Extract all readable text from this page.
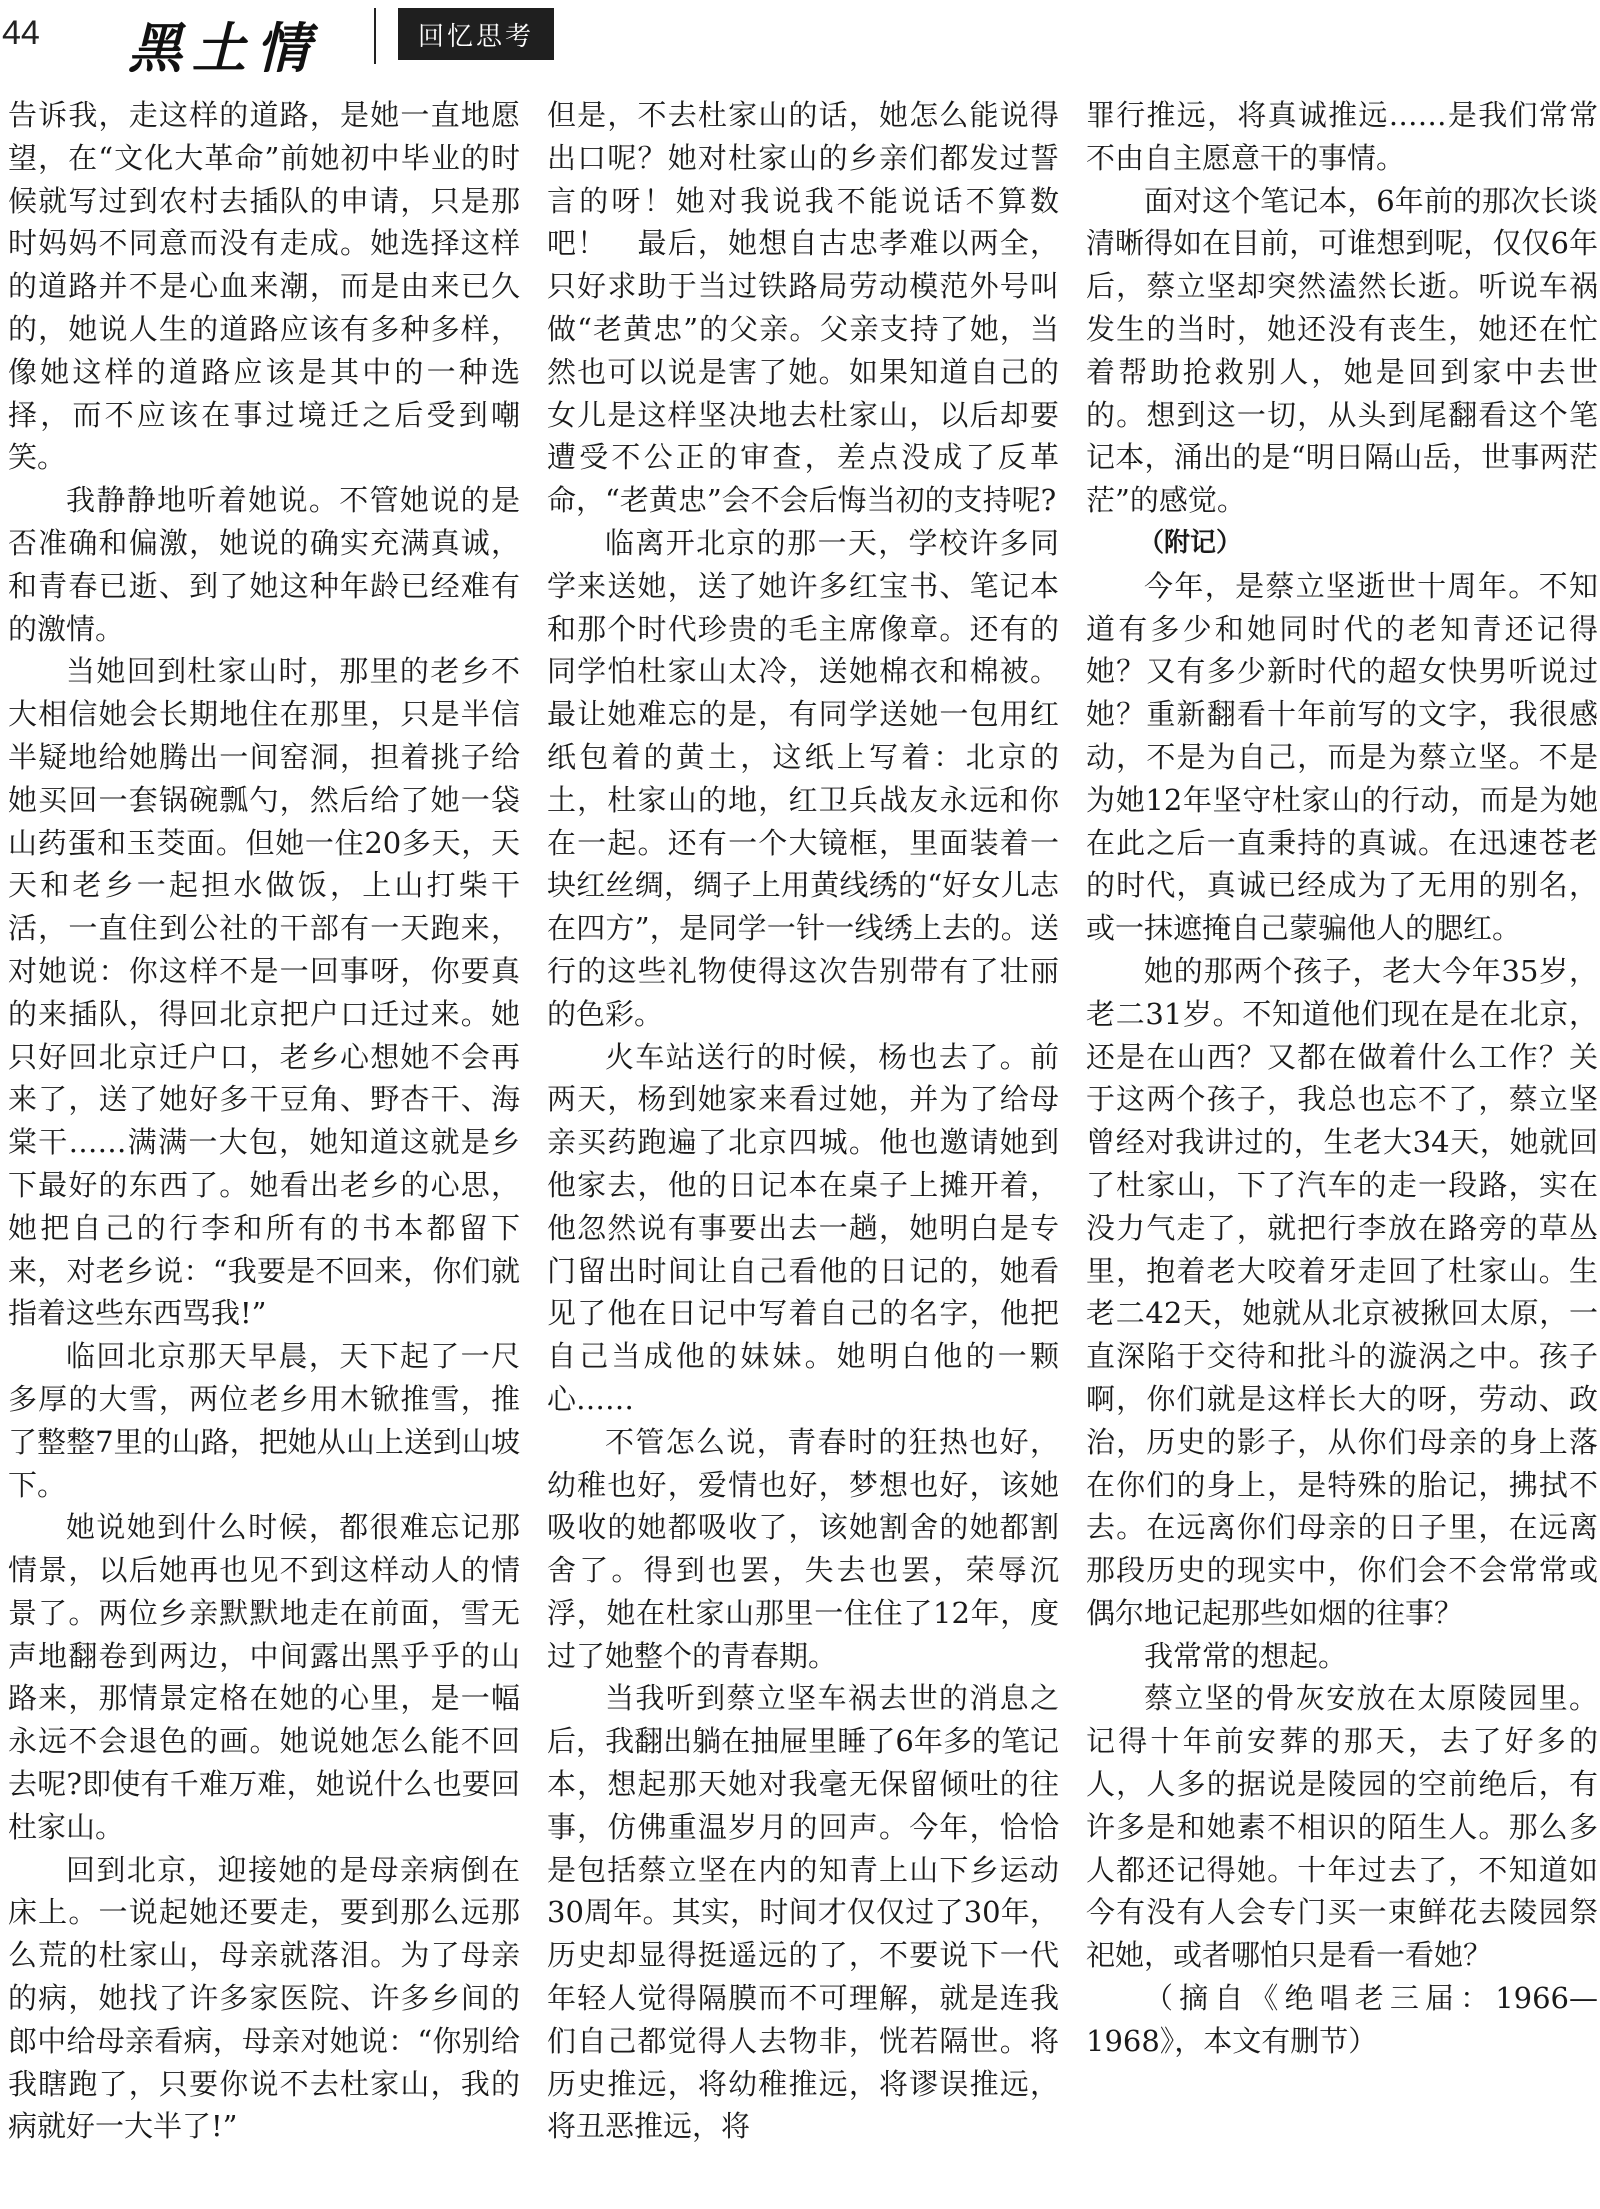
44 黑土情	回忆思考

告诉我，走这样的道路，是她一直地愿望，在“文化大革命”前她初中毕业的时候就写过到农村去插队的申请，只是那时妈妈不同意而没有走成。她选择这样的道路并不是心血来潮，而是由来已久的，她说人生的道路应该有多种多样，像她这样的道路应该是其中的一种选择，而不应该在事过境迁之后受到嘲笑。

我静静地听着她说。不管她说的是否准确和偏激，她说的确实充满真诚，和青春已逝、到了她这种年龄已经难有的激情。

当她回到杜家山时，那里的老乡不大相信她会长期地住在那里，只是半信半疑地给她腾出一间窑洞，担着挑子给她买回一套锅碗瓢勺，然后给了她一袋山药蛋和玉茭面。但她一住20多天，天天和老乡一起担水做饭，上山打柴干活，一直住到公社的干部有一天跑来，对她说：你这样不是一回事呀，你要真的来插队，得回北京把户口迁过来。她只好回北京迁户口，老乡心想她不会再来了，送了她好多干豆角、野杏干、海棠干……满满一大包，她知道这就是乡下最好的东西了。她看出老乡的心思，她把自己的行李和所有的书本都留下来，对老乡说：“我要是不回来，你们就指着这些东西骂我!”

临回北京那天早晨，天下起了一尺多厚的大雪，两位老乡用木锨推雪，推了整整7里的山路，把她从山上送到山坡下。

她说她到什么时候，都很难忘记那情景，以后她再也见不到这样动人的情景了。两位乡亲默默地走在前面，雪无声地翻卷到两边，中间露出黑乎乎的山路来，那情景定格在她的心里，是一幅永远不会退色的画。她说她怎么能不回去呢?即使有千难万难，她说什么也要回杜家山。

回到北京，迎接她的是母亲病倒在床上。一说起她还要走，要到那么远那么荒的杜家山，母亲就落泪。为了母亲的病，她找了许多家医院、许多乡间的郎中给母亲看病，母亲对她说：“你别给我瞎跑了，只要你说不去杜家山，我的病就好一大半了!”

但是，不去杜家山的话，她怎么能说得出口呢？她对杜家山的乡亲们都发过誓言的呀！她对我说我不能说话不算数吧！　最后，她想自古忠孝难以两全，只好求助于当过铁路局劳动模范外号叫做“老黄忠”的父亲。父亲支持了她，当然也可以说是害了她。如果知道自己的女儿是这样坚决地去杜家山，以后却要遭受不公正的审查，差点没成了反革命，“老黄忠”会不会后悔当初的支持呢?

临离开北京的那一天，学校许多同学来送她，送了她许多红宝书、笔记本和那个时代珍贵的毛主席像章。还有的同学怕杜家山太冷，送她棉衣和棉被。最让她难忘的是，有同学送她一包用红纸包着的黄土，这纸上写着：北京的土，杜家山的地，红卫兵战友永远和你在一起。还有一个大镜框，里面装着一块红丝绸，绸子上用黄线绣的“好女儿志在四方”，是同学一针一线绣上去的。送行的这些礼物使得这次告别带有了壮丽的色彩。

火车站送行的时候，杨也去了。前两天，杨到她家来看过她，并为了给母亲买药跑遍了北京四城。他也邀请她到他家去，他的日记本在桌子上摊开着，他忽然说有事要出去一趟，她明白是专门留出时间让自己看他的日记的，她看见了他在日记中写着自己的名字，他把自己当成他的妹妹。她明白他的一颗心……

不管怎么说，青春时的狂热也好，幼稚也好，爱情也好，梦想也好，该她吸收的她都吸收了，该她割舍的她都割舍了。得到也罢，失去也罢，荣辱沉浮，她在杜家山那里一住住了12年，度过了她整个的青春期。

当我听到蔡立坚车祸去世的消息之后，我翻出躺在抽屉里睡了6年多的笔记本，想起那天她对我毫无保留倾吐的往事，仿佛重温岁月的回声。今年，恰恰是包括蔡立坚在内的知青上山下乡运动30周年。其实，时间才仅仅过了30年，历史却显得挺遥远的了，不要说下一代年轻人觉得隔膜而不可理解，就是连我们自己都觉得人去物非，恍若隔世。将历史推远，将幼稚推远，将谬误推远，将丑恶推远，将

罪行推远，将真诚推远……是我们常常不由自主愿意干的事情。

面对这个笔记本，6年前的那次长谈清晰得如在目前，可谁想到呢，仅仅6年后，蔡立坚却突然溘然长逝。听说车祸发生的当时，她还没有丧生，她还在忙着帮助抢救别人，她是回到家中去世的。想到这一切，从头到尾翻看这个笔记本，涌出的是“明日隔山岳，世事两茫茫”的感觉。

（附记）

今年，是蔡立坚逝世十周年。不知道有多少和她同时代的老知青还记得她？又有多少新时代的超女快男听说过她？重新翻看十年前写的文字，我很感动，不是为自己，而是为蔡立坚。不是为她12年坚守杜家山的行动，而是为她在此之后一直秉持的真诚。在迅速苍老的时代，真诚已经成为了无用的别名，或一抹遮掩自己蒙骗他人的腮红。

她的那两个孩子，老大今年35岁，老二31岁。不知道他们现在是在北京，还是在山西？又都在做着什么工作？关于这两个孩子，我总也忘不了，蔡立坚曾经对我讲过的，生老大34天，她就回了杜家山，下了汽车的走一段路，实在没力气走了，就把行李放在路旁的草丛里，抱着老大咬着牙走回了杜家山。生老二42天，她就从北京被揪回太原，一直深陷于交待和批斗的漩涡之中。孩子啊，你们就是这样长大的呀，劳动、政治，历史的影子，从你们母亲的身上落在你们的身上，是特殊的胎记，拂拭不去。在远离你们母亲的日子里，在远离那段历史的现实中，你们会不会常常或偶尔地记起那些如烟的往事？

我常常的想起。

蔡立坚的骨灰安放在太原陵园里。记得十年前安葬的那天，去了好多的人，人多的据说是陵园的空前绝后，有许多是和她素不相识的陌生人。那么多人都还记得她。十年过去了，不知道如今有没有人会专门买一束鲜花去陵园祭祀她，或者哪怕只是看一看她？

（摘自《绝唱老三届：1966—1968》，本文有删节）
